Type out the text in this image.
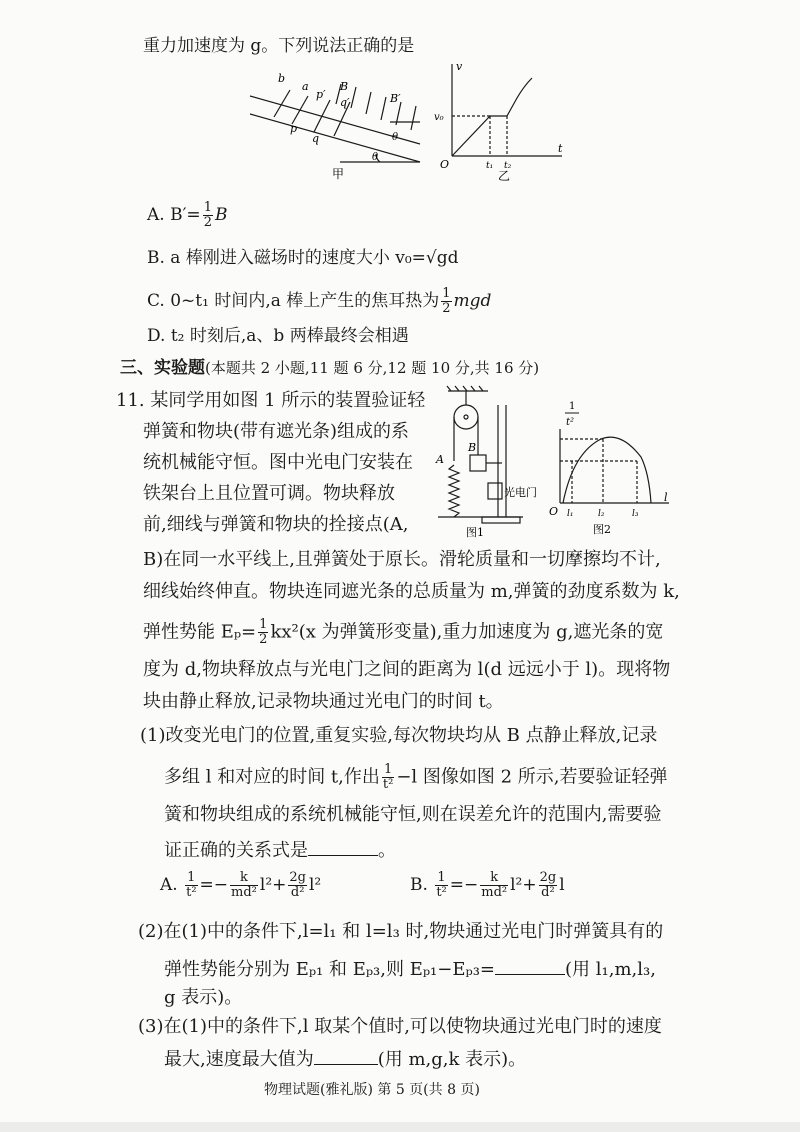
重力加速度为 g。下列说法正确的是
b
a
p′
q′
B
B′
p
q	θ
θ
甲
v
v₀
O	t₁ t₂
t
乙
A. $B'= \frac{1}{2}$ B
B. a 棒刚进入磁场时的速度大小 v₀=√gd
C. 0~t₁ 时间内,a 棒上产生的焦耳热为 $\frac{1}{2}$ mgd
D. t₂ 时刻后,a、b 两棒最终会相遇
三、实验题(本题共 2 小题,11 题 6 分,12 题 10 分,共 16 分)
11. 某同学用如图 1 所示的装置验证轻
弹簧和物块(带有遮光条)组成的系
统机械能守恒。图中光电门安装在
铁架台上且位置可调。物块释放
前,细线与弹簧和物块的拴接点(A,
A
B
光电门
图1
1
t²
O l₁	l₂	l₃
l
图2
B)在同一水平线上,且弹簧处于原长。滑轮质量和一切摩擦均不计,
细线始终伸直。物块连同遮光条的总质量为 m,弹簧的劲度系数为 k,
弹性势能 $E_p= \frac{1}{2} kx^2(x$ 为弹簧形变量),重力加速度为 g,遮光条的宽
度为 d,物块释放点与光电门之间的距离为 l(d 远远小于 l)。现将物
块由静止释放,记录物块通过光电门的时间 t。
(1)改变光电门的位置,重复实验,每次物块均从 B 点静止释放,记录
多组 l 和对应的时间 t,作出 $\frac{1}{\text{t²}} -l$ 图像如图 2 所示,若要验证轻弹
簧和物块组成的系统机械能守恒,则在误差允许的范围内,需要验
证正确的关系式是	。
A. $\frac{1}{\text{t²}} =- \frac{k}{\text{md²}} l^2+ \frac{2g}{\text{d²}} l^2$	B. $\frac{1}{\text{t²}} =- \frac{k}{\text{md²}} l^2+ \frac{2g}{\text{d²}}$ l
(2)在(1)中的条件下,l=l₁ 和 l=l₃ 时,物块通过光电门时弹簧具有的
弹性势能分别为 Eₚ₁ 和 Eₚ₃,则 Eₚ₁−Eₚ₃=	(用 l₁,m,l₃,
g 表示)。
(3)在(1)中的条件下,l 取某个值时,可以使物块通过光电门时的速度
最大,速度最大值为	(用 m,g,k 表示)。
物理试题(雅礼版) 第 5 页(共 8 页)
